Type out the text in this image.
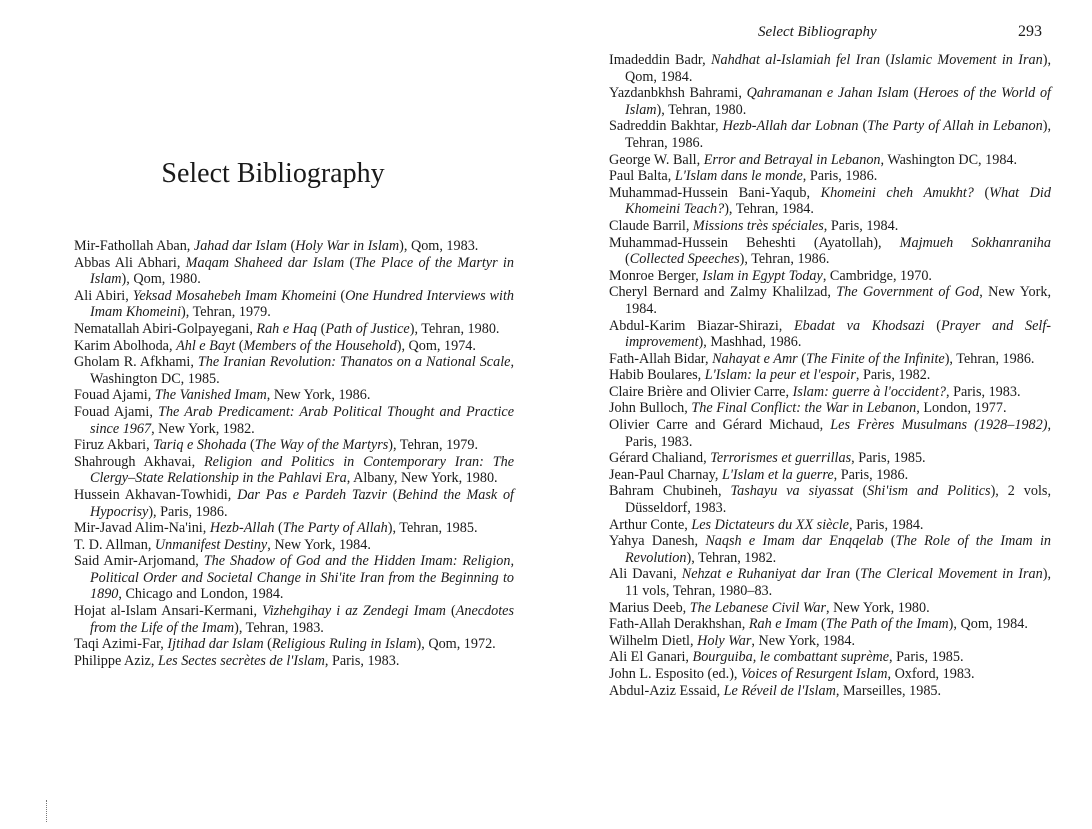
Select Bibliography
Mir-Fathollah Aban, Jahad dar Islam (Holy War in Islam), Qom, 1983.
Abbas Ali Abhari, Maqam Shaheed dar Islam (The Place of the Martyr in Islam), Qom, 1980.
Ali Abiri, Yeksad Mosahebeh Imam Khomeini (One Hundred Interviews with Imam Khomeini), Tehran, 1979.
Nematallah Abiri-Golpayegani, Rah e Haq (Path of Justice), Tehran, 1980.
Karim Abolhoda, Ahl e Bayt (Members of the Household), Qom, 1974.
Gholam R. Afkhami, The Iranian Revolution: Thanatos on a National Scale, Washington DC, 1985.
Fouad Ajami, The Vanished Imam, New York, 1986.
Fouad Ajami, The Arab Predicament: Arab Political Thought and Practice since 1967, New York, 1982.
Firuz Akbari, Tariq e Shohada (The Way of the Martyrs), Tehran, 1979.
Shahrough Akhavai, Religion and Politics in Contemporary Iran: The Clergy–State Relationship in the Pahlavi Era, Albany, New York, 1980.
Hussein Akhavan-Towhidi, Dar Pas e Pardeh Tazvir (Behind the Mask of Hypocrisy), Paris, 1986.
Mir-Javad Alim-Na'ini, Hezb-Allah (The Party of Allah), Tehran, 1985.
T. D. Allman, Unmanifest Destiny, New York, 1984.
Said Amir-Arjomand, The Shadow of God and the Hidden Imam: Religion, Political Order and Societal Change in Shi'ite Iran from the Beginning to 1890, Chicago and London, 1984.
Hojat al-Islam Ansari-Kermani, Vizhehgihay i az Zendegi Imam (Anecdotes from the Life of the Imam), Tehran, 1983.
Taqi Azimi-Far, Ijtihad dar Islam (Religious Ruling in Islam), Qom, 1972.
Philippe Aziz, Les Sectes secrètes de l'Islam, Paris, 1983.
Select Bibliography	293
Imadeddin Badr, Nahdhat al-Islamiah fel Iran (Islamic Movement in Iran), Qom, 1984.
Yazdanbkhsh Bahrami, Qahramanan e Jahan Islam (Heroes of the World of Islam), Tehran, 1980.
Sadreddin Bakhtar, Hezb-Allah dar Lobnan (The Party of Allah in Lebanon), Tehran, 1986.
George W. Ball, Error and Betrayal in Lebanon, Washington DC, 1984.
Paul Balta, L'Islam dans le monde, Paris, 1986.
Muhammad-Hussein Bani-Yaqub, Khomeini cheh Amukht? (What Did Khomeini Teach?), Tehran, 1984.
Claude Barril, Missions très spéciales, Paris, 1984.
Muhammad-Hussein Beheshti (Ayatollah), Majmueh Sokhanraniha (Collected Speeches), Tehran, 1986.
Monroe Berger, Islam in Egypt Today, Cambridge, 1970.
Cheryl Bernard and Zalmy Khalilzad, The Government of God, New York, 1984.
Abdul-Karim Biazar-Shirazi, Ebadat va Khodsazi (Prayer and Self-improvement), Mashhad, 1986.
Fath-Allah Bidar, Nahayat e Amr (The Finite of the Infinite), Tehran, 1986.
Habib Boulares, L'Islam: la peur et l'espoir, Paris, 1982.
Claire Brière and Olivier Carre, Islam: guerre à l'occident?, Paris, 1983.
John Bulloch, The Final Conflict: the War in Lebanon, London, 1977.
Olivier Carre and Gérard Michaud, Les Frères Musulmans (1928–1982), Paris, 1983.
Gérard Chaliand, Terrorismes et guerrillas, Paris, 1985.
Jean-Paul Charnay, L'Islam et la guerre, Paris, 1986.
Bahram Chubineh, Tashayu va siyassat (Shi'ism and Politics), 2 vols, Düsseldorf, 1983.
Arthur Conte, Les Dictateurs du XX siècle, Paris, 1984.
Yahya Danesh, Naqsh e Imam dar Enqqelab (The Role of the Imam in Revolution), Tehran, 1982.
Ali Davani, Nehzat e Ruhaniyat dar Iran (The Clerical Movement in Iran), 11 vols, Tehran, 1980–83.
Marius Deeb, The Lebanese Civil War, New York, 1980.
Fath-Allah Derakhshan, Rah e Imam (The Path of the Imam), Qom, 1984.
Wilhelm Dietl, Holy War, New York, 1984.
Ali El Ganari, Bourguiba, le combattant suprème, Paris, 1985.
John L. Esposito (ed.), Voices of Resurgent Islam, Oxford, 1983.
Abdul-Aziz Essaid, Le Réveil de l'Islam, Marseilles, 1985.
